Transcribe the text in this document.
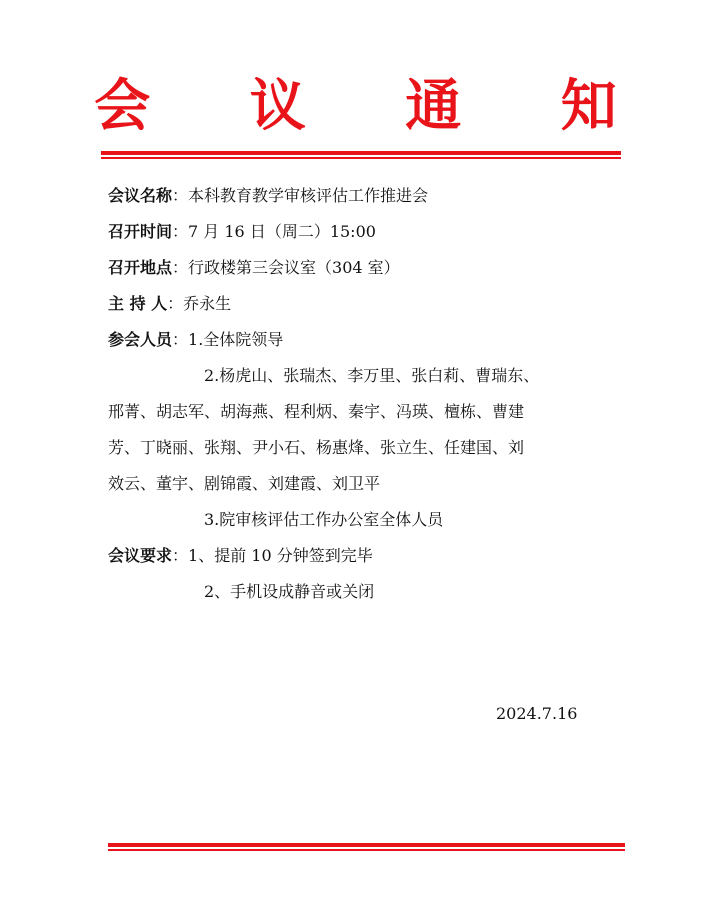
会 议 通 知
会议名称：本科教育教学审核评估工作推进会
召开时间：7 月 16 日（周二）15:00
召开地点：行政楼第三会议室（304 室）
主 持 人：乔永生
参会人员：1.全体院领导
2.杨虎山、张瑞杰、李万里、张白莉、曹瑞东、
邢菁、胡志军、胡海燕、程利炳、秦宇、冯瑛、檀栋、曹建
芳、丁晓丽、张翔、尹小石、杨惠烽、张立生、任建国、刘
效云、董宇、剧锦霞、刘建霞、刘卫平
3.院审核评估工作办公室全体人员
会议要求：1、提前 10 分钟签到完毕
2、手机设成静音或关闭
2024.7.16
